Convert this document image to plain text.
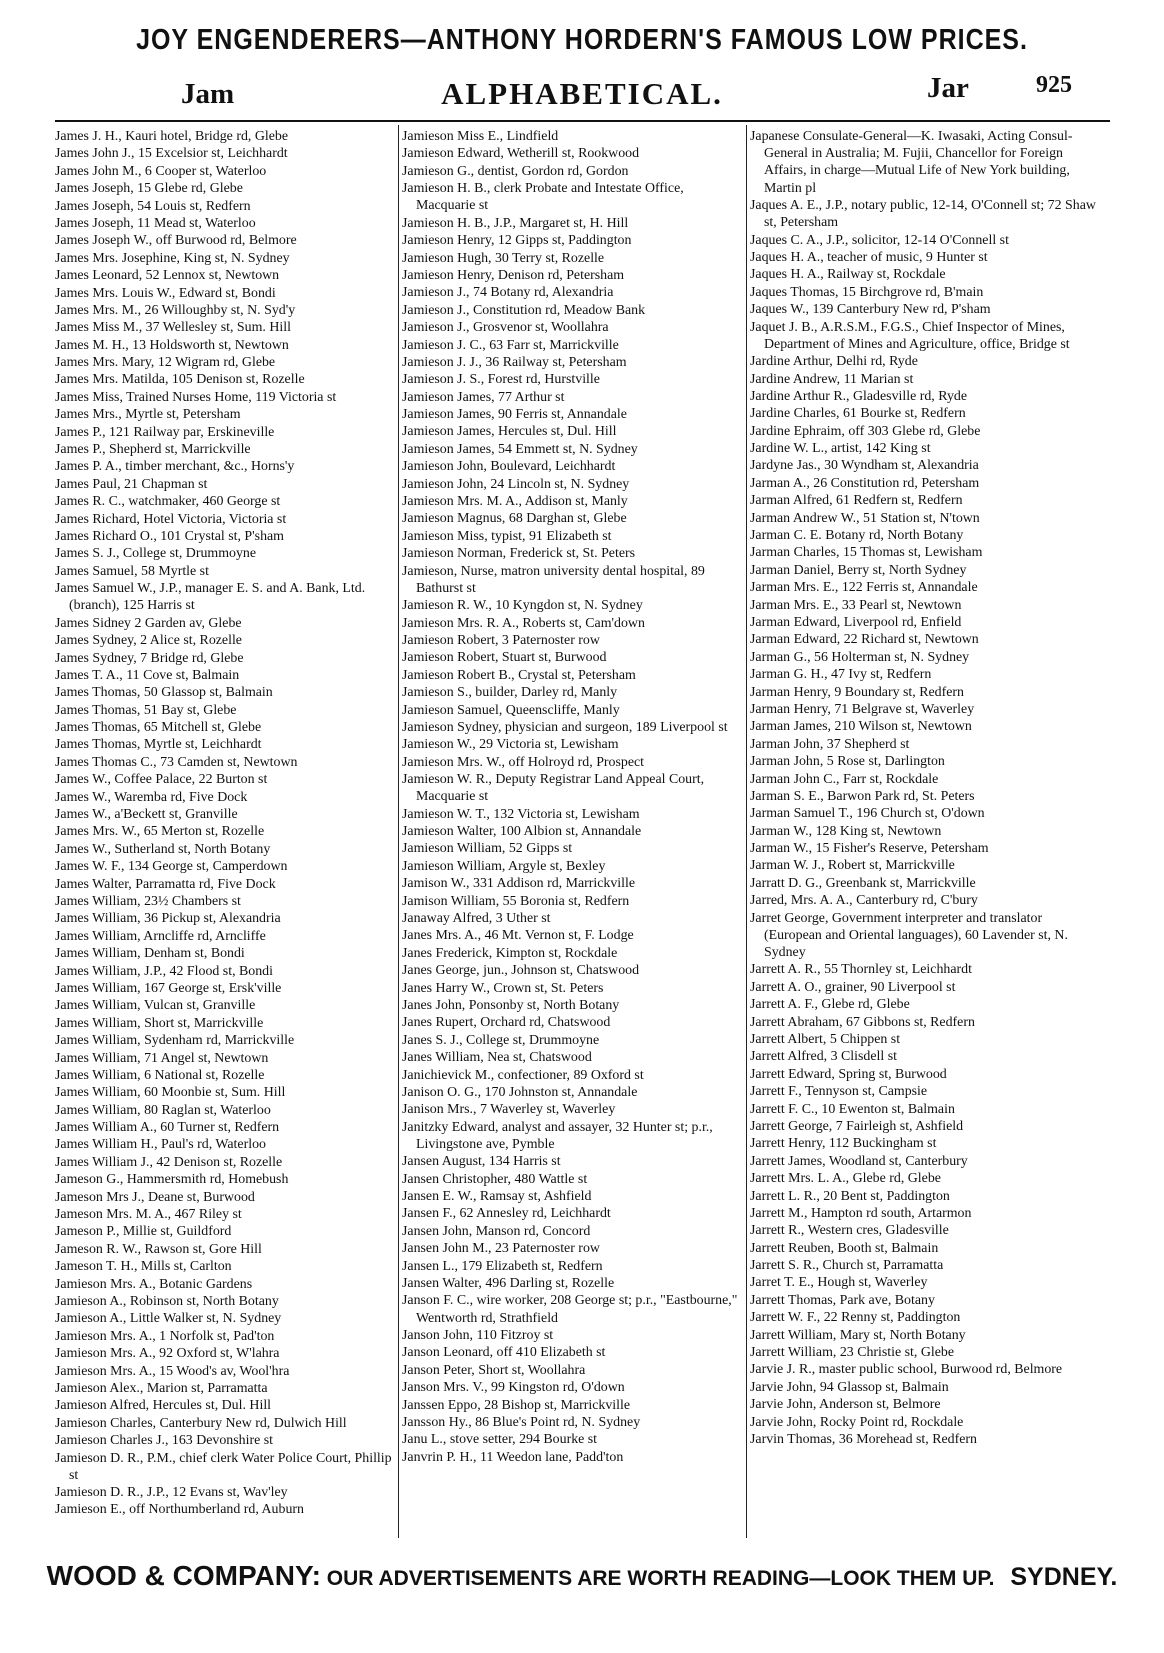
JOY ENGENDERERS—ANTHONY HORDERN'S FAMOUS LOW PRICES.
Jam	ALPHABETICAL.	Jar	925
James J. H., Kauri hotel, Bridge rd, Glebe
James John J., 15 Excelsior st, Leichhardt
James John M., 6 Cooper st, Waterloo
James Joseph, 15 Glebe rd, Glebe
James Joseph, 54 Louis st, Redfern
James Joseph, 11 Mead st, Waterloo
James Joseph W., off Burwood rd, Belmore
James Mrs. Josephine, King st, N. Sydney
James Leonard, 52 Lennox st, Newtown
James Mrs. Louis W., Edward st, Bondi
James Mrs. M., 26 Willoughby st, N. Syd'y
James Miss M., 37 Wellesley st, Sum. Hill
James M. H., 13 Holdsworth st, Newtown
James Mrs. Mary, 12 Wigram rd, Glebe
James Mrs. Matilda, 105 Denison st, Rozelle
James Miss, Trained Nurses Home, 119 Victoria st
James Mrs., Myrtle st, Petersham
James P., 121 Railway par, Erskineville
James P., Shepherd st, Marrickville
James P. A., timber merchant, &c., Horns'y
James Paul, 21 Chapman st
James R. C., watchmaker, 460 George st
James Richard, Hotel Victoria, Victoria st
James Richard O., 101 Crystal st, P'sham
James S. J., College st, Drummoyne
James Samuel, 58 Myrtle st
James Samuel W., J.P., manager E. S. and A. Bank, Ltd. (branch), 125 Harris st
James Sidney 2 Garden av, Glebe
James Sydney, 2 Alice st, Rozelle
James Sydney, 7 Bridge rd, Glebe
James T. A., 11 Cove st, Balmain
James Thomas, 50 Glassop st, Balmain
James Thomas, 51 Bay st, Glebe
James Thomas, 65 Mitchell st, Glebe
James Thomas, Myrtle st, Leichhardt
James Thomas C., 73 Camden st, Newtown
James W., Coffee Palace, 22 Burton st
James W., Waremba rd, Five Dock
James W., a'Beckett st, Granville
James Mrs. W., 65 Merton st, Rozelle
James W., Sutherland st, North Botany
James W. F., 134 George st, Camperdown
James Walter, Parramatta rd, Five Dock
James William, 23½ Chambers st
James William, 36 Pickup st, Alexandria
James William, Arncliffe rd, Arncliffe
James William, Denham st, Bondi
James William, J.P., 42 Flood st, Bondi
James William, 167 George st, Ersk'ville
James William, Vulcan st, Granville
James William, Short st, Marrickville
James William, Sydenham rd, Marrickville
James William, 71 Angel st, Newtown
James William, 6 National st, Rozelle
James William, 60 Moonbie st, Sum. Hill
James William, 80 Raglan st, Waterloo
James William A., 60 Turner st, Redfern
James William H., Paul's rd, Waterloo
James William J., 42 Denison st, Rozelle
Jameson G., Hammersmith rd, Homebush
Jameson Mrs J., Deane st, Burwood
Jameson Mrs. M. A., 467 Riley st
Jameson P., Millie st, Guildford
Jameson R. W., Rawson st, Gore Hill
Jameson T. H., Mills st, Carlton
Jamieson Mrs. A., Botanic Gardens
Jamieson A., Robinson st, North Botany
Jamieson A., Little Walker st, N. Sydney
Jamieson Mrs. A., 1 Norfolk st, Pad'ton
Jamieson Mrs. A., 92 Oxford st, W'lahra
Jamieson Mrs. A., 15 Wood's av, Wool'hra
Jamieson Alex., Marion st, Parramatta
Jamieson Alfred, Hercules st, Dul. Hill
Jamieson Charles, Canterbury New rd, Dulwich Hill
Jamieson Charles J., 163 Devonshire st
Jamieson D. R., P.M., chief clerk Water Police Court, Phillip st
Jamieson D. R., J.P., 12 Evans st, Wav'ley
Jamieson E., off Northumberland rd, Auburn
Jamieson Miss E., Lindfield
Jamieson Edward, Wetherill st, Rookwood
Jamieson G., dentist, Gordon rd, Gordon
Jamieson H. B., clerk Probate and Intestate Office, Macquarie st
Jamieson H. B., J.P., Margaret st, H. Hill
Jamieson Henry, 12 Gipps st, Paddington
Jamieson Hugh, 30 Terry st, Rozelle
Jamieson Henry, Denison rd, Petersham
Jamieson J., 74 Botany rd, Alexandria
Jamieson J., Constitution rd, Meadow Bank
Jamieson J., Grosvenor st, Woollahra
Jamieson J. C., 63 Farr st, Marrickville
Jamieson J. J., 36 Railway st, Petersham
Jamieson J. S., Forest rd, Hurstville
Jamieson James, 77 Arthur st
Jamieson James, 90 Ferris st, Annandale
Jamieson James, Hercules st, Dul. Hill
Jamieson James, 54 Emmett st, N. Sydney
Jamieson John, Boulevard, Leichhardt
Jamieson John, 24 Lincoln st, N. Sydney
Jamieson Mrs. M. A., Addison st, Manly
Jamieson Magnus, 68 Darghan st, Glebe
Jamieson Miss, typist, 91 Elizabeth st
Jamieson Norman, Frederick st, St. Peters
Jamieson, Nurse, matron university dental hospital, 89 Bathurst st
Jamieson R. W., 10 Kyngdon st, N. Sydney
Jamieson Mrs. R. A., Roberts st, Cam'down
Jamieson Robert, 3 Paternoster row
Jamieson Robert, Stuart st, Burwood
Jamieson Robert B., Crystal st, Petersham
Jamieson S., builder, Darley rd, Manly
Jamieson Samuel, Queenscliffe, Manly
Jamieson Sydney, physician and surgeon, 189 Liverpool st
Jamieson W., 29 Victoria st, Lewisham
Jamieson Mrs. W., off Holroyd rd, Prospect
Jamieson W. R., Deputy Registrar Land Appeal Court, Macquarie st
Jamieson W. T., 132 Victoria st, Lewisham
Jamieson Walter, 100 Albion st, Annandale
Jamieson William, 52 Gipps st
Jamieson William, Argyle st, Bexley
Jamison W., 331 Addison rd, Marrickville
Jamison William, 55 Boronia st, Redfern
Janaway Alfred, 3 Uther st
Janes Mrs. A., 46 Mt. Vernon st, F. Lodge
Janes Frederick, Kimpton st, Rockdale
Janes George, jun., Johnson st, Chatswood
Janes Harry W., Crown st, St. Peters
Janes John, Ponsonby st, North Botany
Janes Rupert, Orchard rd, Chatswood
Janes S. J., College st, Drummoyne
Janes William, Nea st, Chatswood
Janichievick M., confectioner, 89 Oxford st
Janison O. G., 170 Johnston st, Annandale
Janison Mrs., 7 Waverley st, Waverley
Janitzky Edward, analyst and assayer, 32 Hunter st; p.r., Livingstone ave, Pymble
Jansen August, 134 Harris st
Jansen Christopher, 480 Wattle st
Jansen E. W., Ramsay st, Ashfield
Jansen F., 62 Annesley rd, Leichhardt
Jansen John, Manson rd, Concord
Jansen John M., 23 Paternoster row
Jansen L., 179 Elizabeth st, Redfern
Jansen Walter, 496 Darling st, Rozelle
Janson F. C., wire worker, 208 George st; p.r., "Eastbourne," Wentworth rd, Strathfield
Janson John, 110 Fitzroy st
Janson Leonard, off 410 Elizabeth st
Janson Peter, Short st, Woollahra
Janson Mrs. V., 99 Kingston rd, O'down
Janssen Eppo, 28 Bishop st, Marrickville
Jansson Hy., 86 Blue's Point rd, N. Sydney
Janu L., stove setter, 294 Bourke st
Janvrin P. H., 11 Weedon lane, Padd'ton
Japanese Consulate-General—K. Iwasaki, Acting Consul-General in Australia; M. Fujii, Chancellor for Foreign Affairs, in charge—Mutual Life of New York building, Martin pl
Jaques A. E., J.P., notary public, 12-14, O'Connell st; 72 Shaw st, Petersham
Jaques C. A., J.P., solicitor, 12-14 O'Connell st
Jaques H. A., teacher of music, 9 Hunter st
Jaques H. A., Railway st, Rockdale
Jaques Thomas, 15 Birchgrove rd, B'main
Jaques W., 139 Canterbury New rd, P'sham
Jaquet J. B., A.R.S.M., F.G.S., Chief Inspector of Mines, Department of Mines and Agriculture, office, Bridge st
Jardine Arthur, Delhi rd, Ryde
Jardine Andrew, 11 Marian st
Jardine Arthur R., Gladesville rd, Ryde
Jardine Charles, 61 Bourke st, Redfern
Jardine Ephraim, off 303 Glebe rd, Glebe
Jardine W. L., artist, 142 King st
Jardyne Jas., 30 Wyndham st, Alexandria
Jarman A., 26 Constitution rd, Petersham
Jarman Alfred, 61 Redfern st, Redfern
Jarman Andrew W., 51 Station st, N'town
Jarman C. E. Botany rd, North Botany
Jarman Charles, 15 Thomas st, Lewisham
Jarman Daniel, Berry st, North Sydney
Jarman Mrs. E., 122 Ferris st, Annandale
Jarman Mrs. E., 33 Pearl st, Newtown
Jarman Edward, Liverpool rd, Enfield
Jarman Edward, 22 Richard st, Newtown
Jarman G., 56 Holterman st, N. Sydney
Jarman G. H., 47 Ivy st, Redfern
Jarman Henry, 9 Boundary st, Redfern
Jarman Henry, 71 Belgrave st, Waverley
Jarman James, 210 Wilson st, Newtown
Jarman John, 37 Shepherd st
Jarman John, 5 Rose st, Darlington
Jarman John C., Farr st, Rockdale
Jarman S. E., Barwon Park rd, St. Peters
Jarman Samuel T., 196 Church st, O'down
Jarman W., 128 King st, Newtown
Jarman W., 15 Fisher's Reserve, Petersham
Jarman W. J., Robert st, Marrickville
Jarratt D. G., Greenbank st, Marrickville
Jarred, Mrs. A. A., Canterbury rd, C'bury
Jarret George, Government interpreter and translator (European and Oriental languages), 60 Lavender st, N. Sydney
Jarrett A. R., 55 Thornley st, Leichhardt
Jarrett A. O., grainer, 90 Liverpool st
Jarrett A. F., Glebe rd, Glebe
Jarrett Abraham, 67 Gibbons st, Redfern
Jarrett Albert, 5 Chippen st
Jarrett Alfred, 3 Clisdell st
Jarrett Edward, Spring st, Burwood
Jarrett F., Tennyson st, Campsie
Jarrett F. C., 10 Ewenton st, Balmain
Jarrett George, 7 Fairleigh st, Ashfield
Jarrett Henry, 112 Buckingham st
Jarrett James, Woodland st, Canterbury
Jarrett Mrs. L. A., Glebe rd, Glebe
Jarrett L. R., 20 Bent st, Paddington
Jarrett M., Hampton rd south, Artarmon
Jarrett R., Western cres, Gladesville
Jarrett Reuben, Booth st, Balmain
Jarrett S. R., Church st, Parramatta
Jarret T. E., Hough st, Waverley
Jarrett Thomas, Park ave, Botany
Jarrett W. F., 22 Renny st, Paddington
Jarrett William, Mary st, North Botany
Jarrett William, 23 Christie st, Glebe
Jarvie J. R., master public school, Burwood rd, Belmore
Jarvie John, 94 Glassop st, Balmain
Jarvie John, Anderson st, Belmore
Jarvie John, Rocky Point rd, Rockdale
Jarvin Thomas, 36 Morehead st, Redfern
WOOD & COMPANY: OUR ADVERTISEMENTS ARE WORTH READING—LOOK THEM UP. SYDNEY.
